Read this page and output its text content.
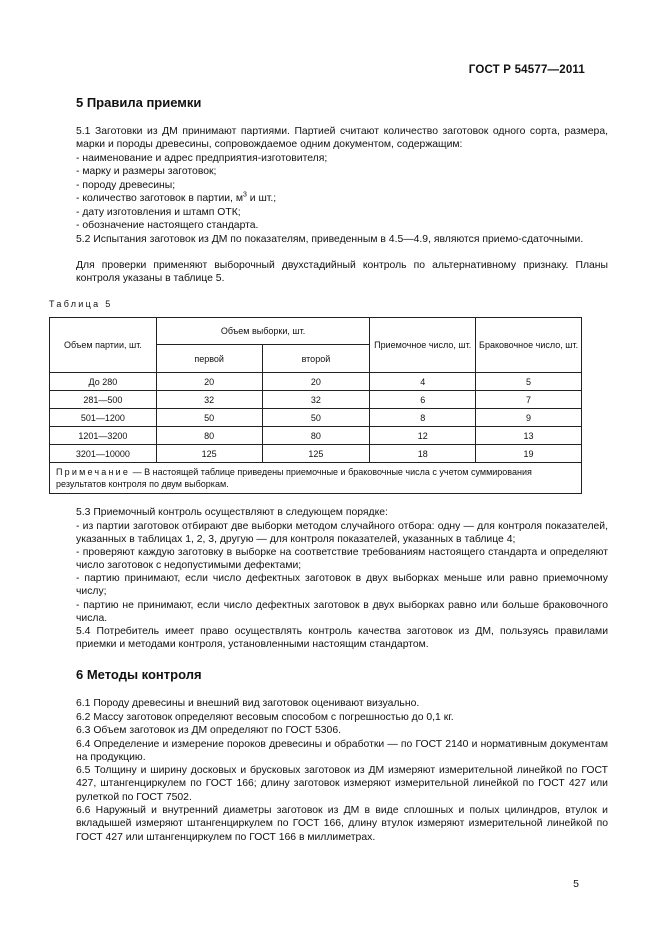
ГОСТ Р 54577—2011
5 Правила приемки

5.1 Заготовки из ДМ принимают партиями. Партией считают количество заготовок одного сорта, размера, марки и породы древесины, сопровождаемое одним документом, содержащим:

- наименование и адрес предприятия-изготовителя;
- марку и размеры заготовок;
- породу древесины;
- количество заготовок в партии, $м^3$ и шт.;
- дату изготовления и штамп ОТК;
- обозначение настоящего стандарта.

5.2 Испытания заготовок из ДМ по показателям, приведенным в 4.5—4.9, являются приемо-сдаточными.

Для проверки применяют выборочный двухстадийный контроль по альтернативному признаку. Планы контроля указаны в таблице 5.

Таблица 5
Объем партии, шт.	Объем выборки, шт.		Приемочное число, шт.	Браковочное число, шт.
	первой	второй		
До 280	20	20	4	5
281—500	32	32	6	7
501—1200	50	50	8	9
1201—3200	80	80	12	13
3201—10000	125	125	18	19
Примечание — В настоящей таблице приведены приемочные и браковочные числа с учетом суммирования результатов контроля по двум выборкам.				

5.3 Приемочный контроль осуществляют в следующем порядке:

- из партии заготовок отбирают две выборки методом случайного отбора: одну — для контроля показателей, указанных в таблицах 1, 2, 3, другую — для контроля показателей, указанных в таблице 4;

- проверяют каждую заготовку в выборке на соответствие требованиям настоящего стандарта и определяют число заготовок с недопустимыми дефектами;

- партию принимают, если число дефектных заготовок в двух выборках меньше или равно приемочному числу;

- партию не принимают, если число дефектных заготовок в двух выборках равно или больше браковочного числа.

5.4 Потребитель имеет право осуществлять контроль качества заготовок из ДМ, пользуясь правилами приемки и методами контроля, установленными настоящим стандартом.

6 Методы контроля

6.1 Породу древесины и внешний вид заготовок оценивают визуально.

6.2 Массу заготовок определяют весовым способом с погрешностью до 0,1 кг.

6.3 Объем заготовок из ДМ определяют по ГОСТ 5306.

6.4 Определение и измерение пороков древесины и обработки — по ГОСТ 2140 и нормативным документам на продукцию.

6.5 Толщину и ширину досковых и брусковых заготовок из ДМ измеряют измерительной линейкой по ГОСТ 427, штангенциркулем по ГОСТ 166; длину заготовок измеряют измерительной линейкой по ГОСТ 427 или рулеткой по ГОСТ 7502.

6.6 Наружный и внутренний диаметры заготовок из ДМ в виде сплошных и полых цилиндров, втулок и вкладышей измеряют штангенциркулем по ГОСТ 166, длину втулок измеряют измерительной линейкой по ГОСТ 427 или штангенциркулем по ГОСТ 166 в миллиметрах.

5
